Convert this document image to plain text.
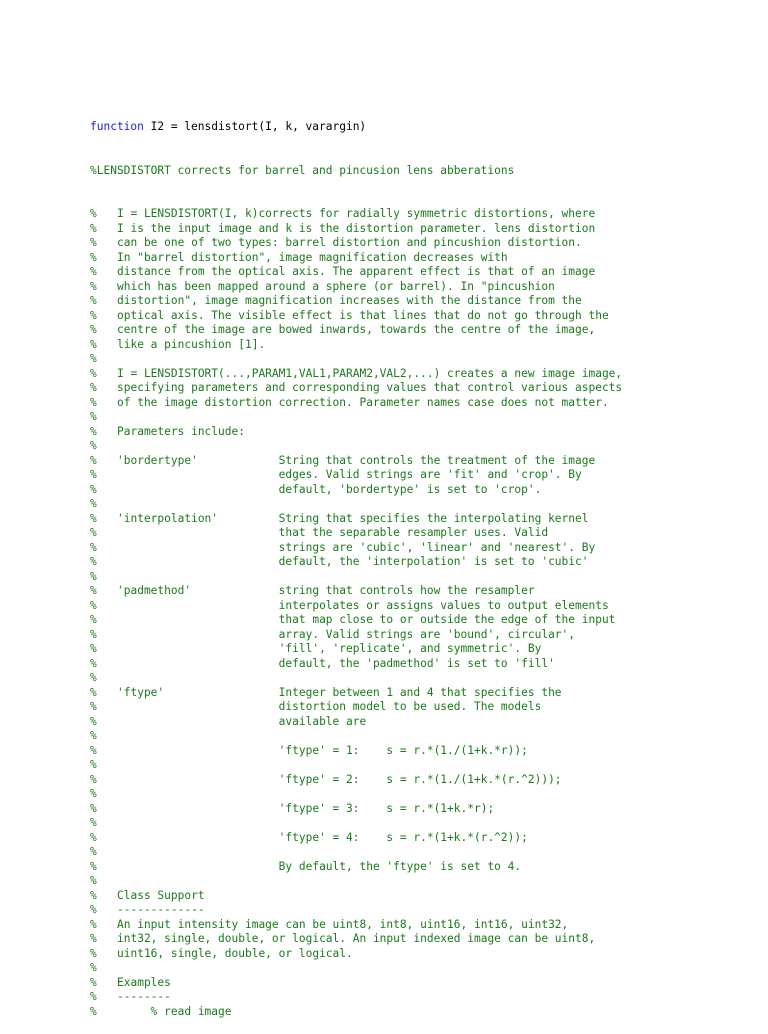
function I2 = lensdistort(I, k, varargin)

%LENSDISTORT corrects for barrel and pincusion lens abberations

% I = LENSDISTORT(I, k)corrects for radially symmetric distortions, where
% I is the input image and k is the distortion parameter. lens distortion
% can be one of two types: barrel distortion and pincushion distortion.
% In "barrel distortion", image magnification decreases with
% distance from the optical axis. The apparent effect is that of an image
% which has been mapped around a sphere (or barrel). In "pincushion
% distortion", image magnification increases with the distance from the
% optical axis. The visible effect is that lines that do not go through the
% centre of the image are bowed inwards, towards the centre of the image,
% like a pincushion [1].
%
% I = LENSDISTORT(...,PARAM1,VAL1,PARAM2,VAL2,...) creates a new image image,
% specifying parameters and corresponding values that control various aspects
% of the image distortion correction. Parameter names case does not matter.
%
% Parameters include:
%
% 'bordertype'            String that controls the treatment of the image
%                        edges. Valid strings are 'fit' and 'crop'. By
%                        default, 'bordertype' is set to 'crop'.
%
% 'interpolation'         String that specifies the interpolating kernel
%                        that the separable resampler uses. Valid
%                        strings are 'cubic', 'linear' and 'nearest'. By
%                        default, the 'interpolation' is set to 'cubic'
%
% 'padmethod'             string that controls how the resampler
%                        interpolates or assigns values to output elements
%                        that map close to or outside the edge of the input
%                        array. Valid strings are 'bound', circular',
%                        'fill', 'replicate', and symmetric'. By
%                        default, the 'padmethod' is set to 'fill'
%
% 'ftype'                 Integer between 1 and 4 that specifies the
%                        distortion model to be used. The models
%                        available are
%
%                        'ftype' = 1:    s = r.*(1./(1+k.*r));
%
%                        'ftype' = 2:    s = r.*(1./(1+k.*(r.^2)));
%
%                        'ftype' = 3:    s = r.*(1+k.*r);
%
%                        'ftype' = 4:    s = r.*(1+k.*(r.^2));
%
%                        By default, the 'ftype' is set to 4.
%
% Class Support
% -------------
% An input intensity image can be uint8, int8, uint16, int16, uint32,
% int32, single, double, or logical. An input indexed image can be uint8,
% uint16, single, double, or logical.
%
% Examples
% --------
%     % read image
